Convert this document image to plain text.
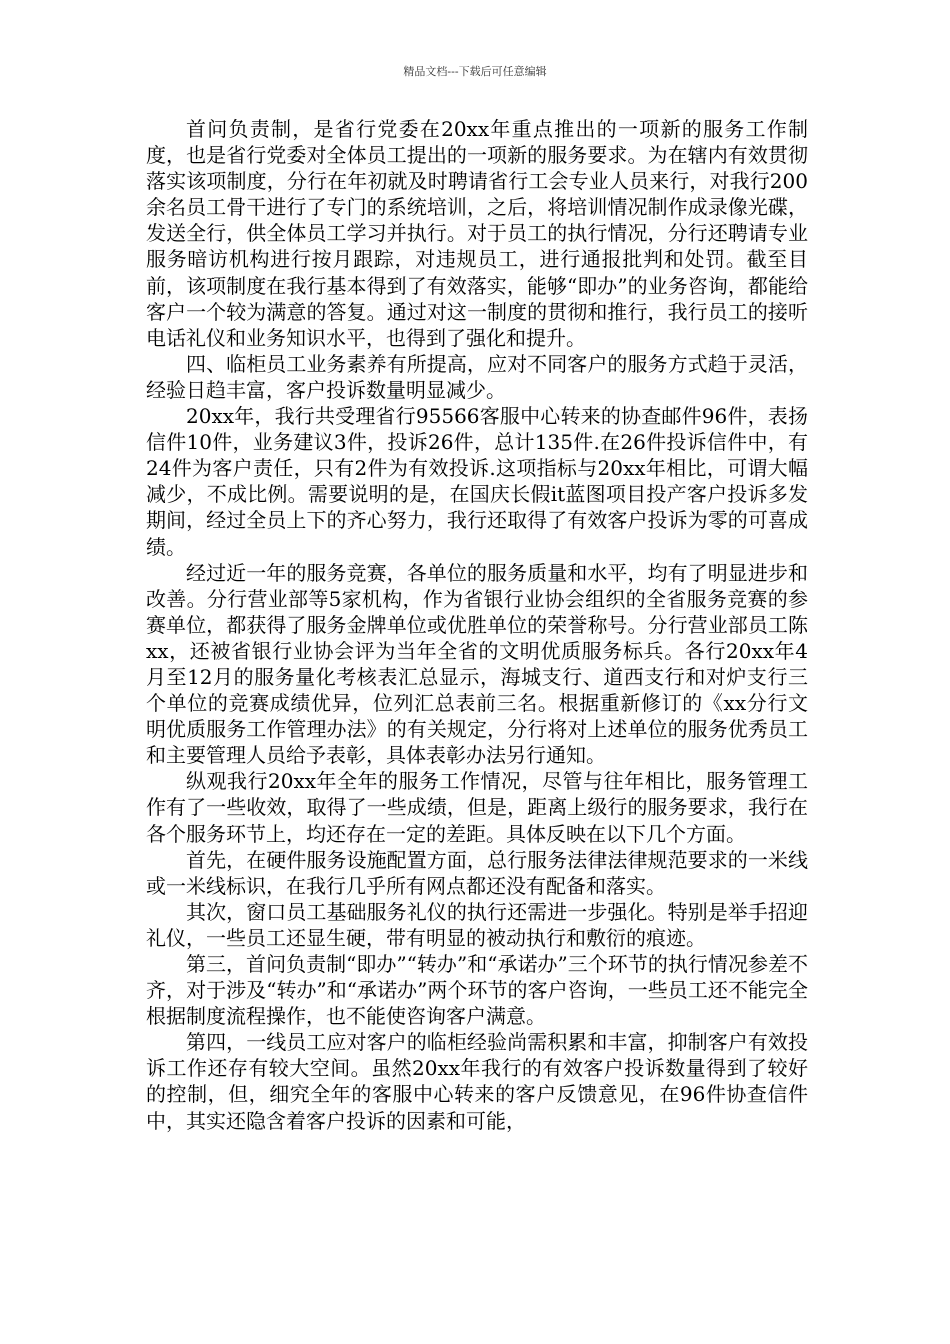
精品文档---下载后可任意编辑

首问负责制，是省行党委在20xx年重点推出的一项新的服务工作制度，也是省行党委对全体员工提出的一项新的服务要求。为在辖内有效贯彻落实该项制度，分行在年初就及时聘请省行工会专业人员来行，对我行200余名员工骨干进行了专门的系统培训，之后，将培训情况制作成录像光碟，发送全行，供全体员工学习并执行。对于员工的执行情况，分行还聘请专业服务暗访机构进行按月跟踪，对违规员工，进行通报批判和处罚。截至目前，该项制度在我行基本得到了有效落实，能够“即办”的业务咨询，都能给客户一个较为满意的答复。通过对这一制度的贯彻和推行，我行员工的接听电话礼仪和业务知识水平，也得到了强化和提升。

四、临柜员工业务素养有所提高，应对不同客户的服务方式趋于灵活，经验日趋丰富，客户投诉数量明显减少。

20xx年，我行共受理省行95566客服中心转来的协查邮件96件，表扬信件10件，业务建议3件，投诉26件，总计135件.在26件投诉信件中，有24件为客户责任，只有2件为有效投诉.这项指标与20xx年相比，可谓大幅减少，不成比例。需要说明的是，在国庆长假it蓝图项目投产客户投诉多发期间，经过全员上下的齐心努力，我行还取得了有效客户投诉为零的可喜成绩。

经过近一年的服务竞赛，各单位的服务质量和水平，均有了明显进步和改善。分行营业部等5家机构，作为省银行业协会组织的全省服务竞赛的参赛单位，都获得了服务金牌单位或优胜单位的荣誉称号。分行营业部员工陈xx，还被省银行业协会评为当年全省的文明优质服务标兵。各行20xx年4月至12月的服务量化考核表汇总显示，海城支行、道西支行和对炉支行三个单位的竞赛成绩优异，位列汇总表前三名。根据重新修订的《xx分行文明优质服务工作管理办法》的有关规定，分行将对上述单位的服务优秀员工和主要管理人员给予表彰，具体表彰办法另行通知。

纵观我行20xx年全年的服务工作情况，尽管与往年相比，服务管理工作有了一些收效，取得了一些成绩，但是，距离上级行的服务要求，我行在各个服务环节上，均还存在一定的差距。具体反映在以下几个方面。

首先，在硬件服务设施配置方面，总行服务法律法律规范要求的一米线或一米线标识，在我行几乎所有网点都还没有配备和落实。

其次，窗口员工基础服务礼仪的执行还需进一步强化。特别是举手招迎礼仪，一些员工还显生硬，带有明显的被动执行和敷衍的痕迹。

第三，首问负责制“即办”“转办”和“承诺办”三个环节的执行情况参差不齐，对于涉及“转办”和“承诺办”两个环节的客户咨询，一些员工还不能完全根据制度流程操作，也不能使咨询客户满意。

第四，一线员工应对客户的临柜经验尚需积累和丰富，抑制客户有效投诉工作还存有较大空间。虽然20xx年我行的有效客户投诉数量得到了较好的控制，但，细究全年的客服中心转来的客户反馈意见，在96件协查信件中，其实还隐含着客户投诉的因素和可能，
